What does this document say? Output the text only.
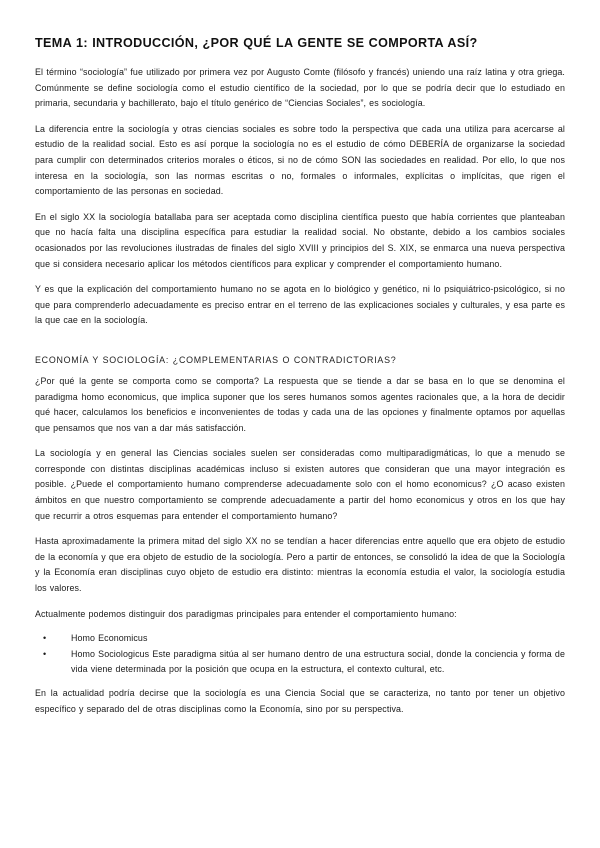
TEMA 1: INTRODUCCIÓN, ¿POR QUÉ LA GENTE SE COMPORTA ASÍ?

El término “sociología” fue utilizado por primera vez por Augusto Comte (filósofo y francés) uniendo una raíz latina y otra griega. Comúnmente se define sociología como el estudio científico de la sociedad, por lo que se podría decir que lo estudiado en primaria, secundaria y bachillerato, bajo el título genérico de “Ciencias Sociales”, es sociología.

La diferencia entre la sociología y otras ciencias sociales es sobre todo la perspectiva que cada una utiliza para acercarse al estudio de la realidad social. Esto es así porque la sociología no es el estudio de cómo DEBERÍA de organizarse la sociedad para cumplir con determinados criterios morales o éticos, si no de cómo SON las sociedades en realidad. Por ello, lo que nos interesa en la sociología, son las normas escritas o no, formales o informales, explícitas o implícitas, que rigen el comportamiento de las personas en sociedad.

En el siglo XX la sociología batallaba para ser aceptada como disciplina científica puesto que había corrientes que planteaban que no hacía falta una disciplina específica para estudiar la realidad social. No obstante, debido a los cambios sociales ocasionados por las revoluciones ilustradas de finales del siglo XVIII y principios del S. XIX, se enmarca una nueva perspectiva que si considera necesario aplicar los métodos científicos para explicar y comprender el comportamiento humano.

Y es que la explicación del comportamiento humano no se agota en lo biológico y genético, ni lo psiquiátrico-psicológico, si no que para comprenderlo adecuadamente es preciso entrar en el terreno de las explicaciones sociales y culturales, y esa parte es la que cae en la sociología.

ECONOMÍA Y SOCIOLOGÍA: ¿COMPLEMENTARIAS O CONTRADICTORIAS?

¿Por qué la gente se comporta como se comporta? La respuesta que se tiende a dar se basa en lo que se denomina el paradigma homo economicus, que implica suponer que los seres humanos somos agentes racionales que, a la hora de decidir qué hacer, calculamos los beneficios e inconvenientes de todas y cada una de las opciones y finalmente optamos por aquellas que pensamos que nos van a dar más satisfacción.

La sociología y en general las Ciencias sociales suelen ser consideradas como multiparadigmáticas, lo que a menudo se corresponde con distintas disciplinas académicas incluso si existen autores que consideran que una mayor integración es posible. ¿Puede el comportamiento humano comprenderse adecuadamente solo con el homo economicus? ¿O acaso existen ámbitos en que nuestro comportamiento se comprende adecuadamente a partir del homo economicus y otros en los que hay que recurrir a otros esquemas para entender el comportamiento humano?

Hasta aproximadamente la primera mitad del siglo XX no se tendían a hacer diferencias entre aquello que era objeto de estudio de la economía y que era objeto de estudio de la sociología. Pero a partir de entonces, se consolidó la idea de que la Sociología y la Economía eran disciplinas cuyo objeto de estudio era distinto: mientras la economía estudia el valor, la sociología estudia los valores.

Actualmente podemos distinguir dos paradigmas principales para entender el comportamiento humano:

•	Homo Economicus
•	Homo Sociologicus Este paradigma sitúa al ser humano dentro de una estructura social, donde la conciencia y forma de vida viene determinada por la posición que ocupa en la estructura, el contexto cultural, etc.

En la actualidad podría decirse que la sociología es una Ciencia Social que se caracteriza, no tanto por tener un objetivo específico y separado del de otras disciplinas como la Economía, sino por su perspectiva.
